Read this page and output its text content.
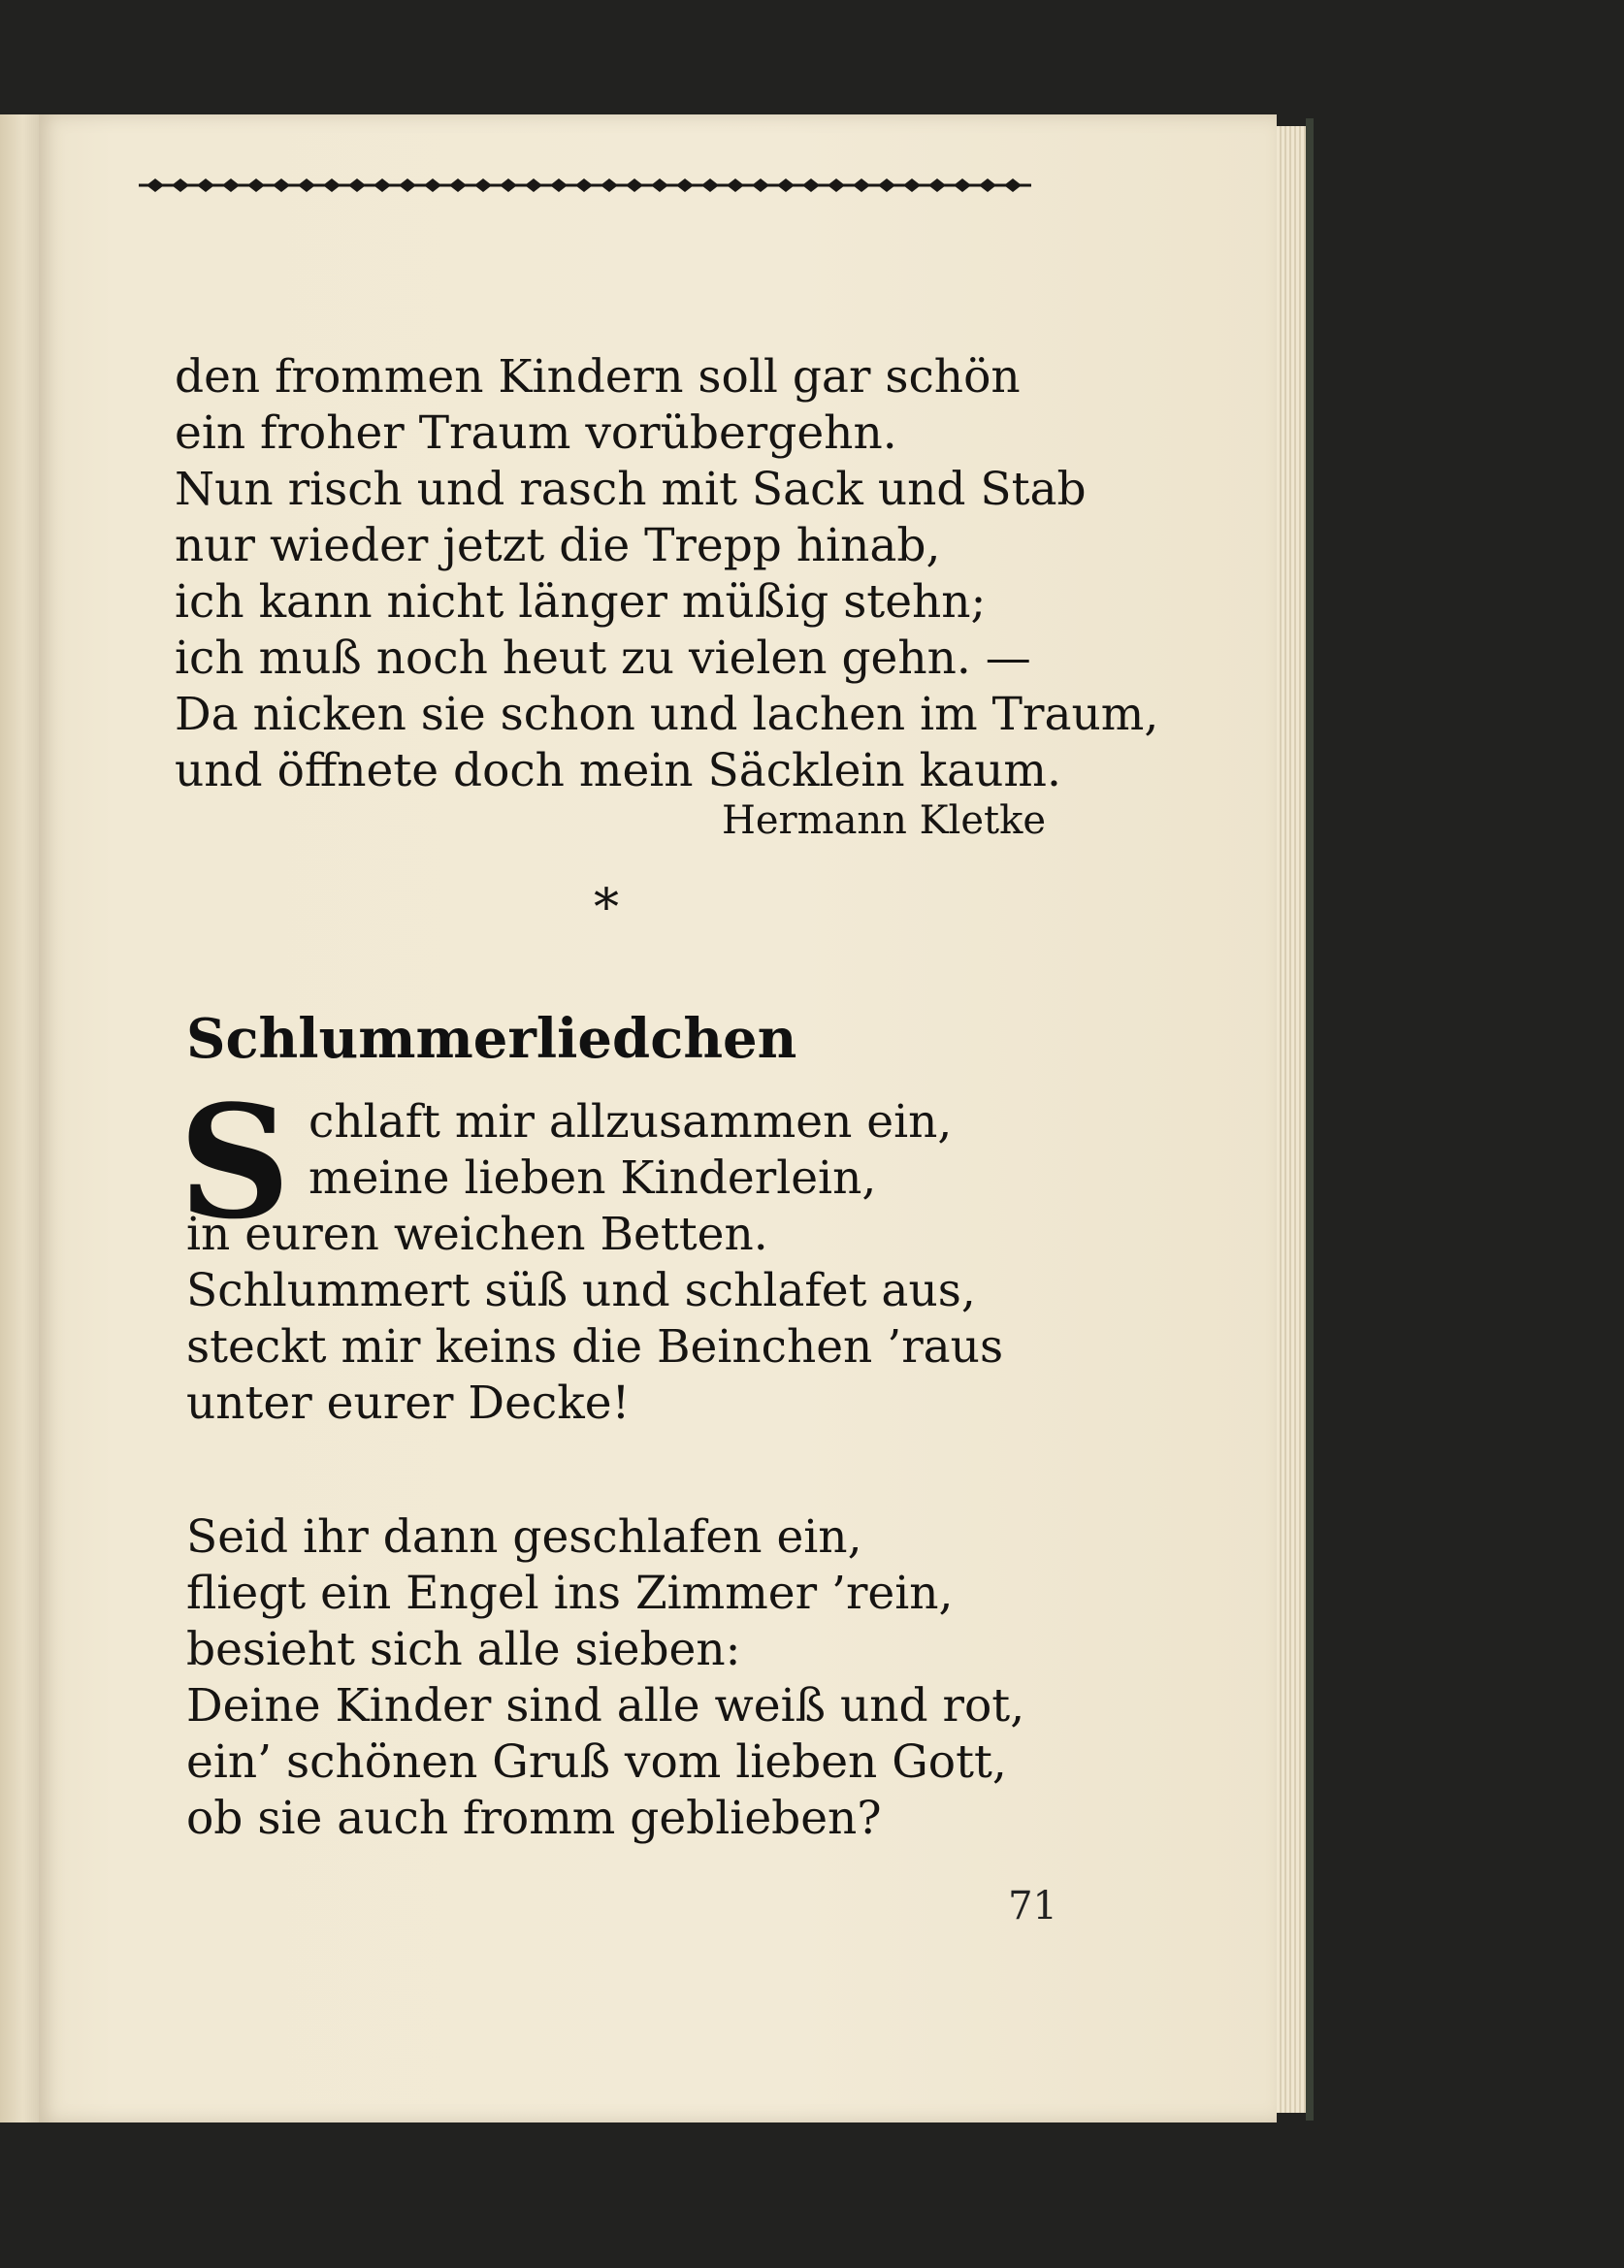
den frommen Kindern soll gar schön
ein froher Traum vorübergehn.
Nun risch und rasch mit Sack und Stab
nur wieder jetzt die Trepp hinab,
ich kann nicht länger müßig stehn;
ich muß noch heut zu vielen gehn. —
Da nicken sie schon und lachen im Traum,
und öffnete doch mein Säcklein kaum.
Hermann Kletke
*
Schlummerliedchen
S chlaft mir allzusammen ein,
meine lieben Kinderlein,
in euren weichen Betten.
Schlummert süß und schlafet aus,
steckt mir keins die Beinchen ’raus
unter eurer Decke!
Seid ihr dann geschlafen ein,
fliegt ein Engel ins Zimmer ’rein,
besieht sich alle sieben:
Deine Kinder sind alle weiß und rot,
ein’ schönen Gruß vom lieben Gott,
ob sie auch fromm geblieben?
71
